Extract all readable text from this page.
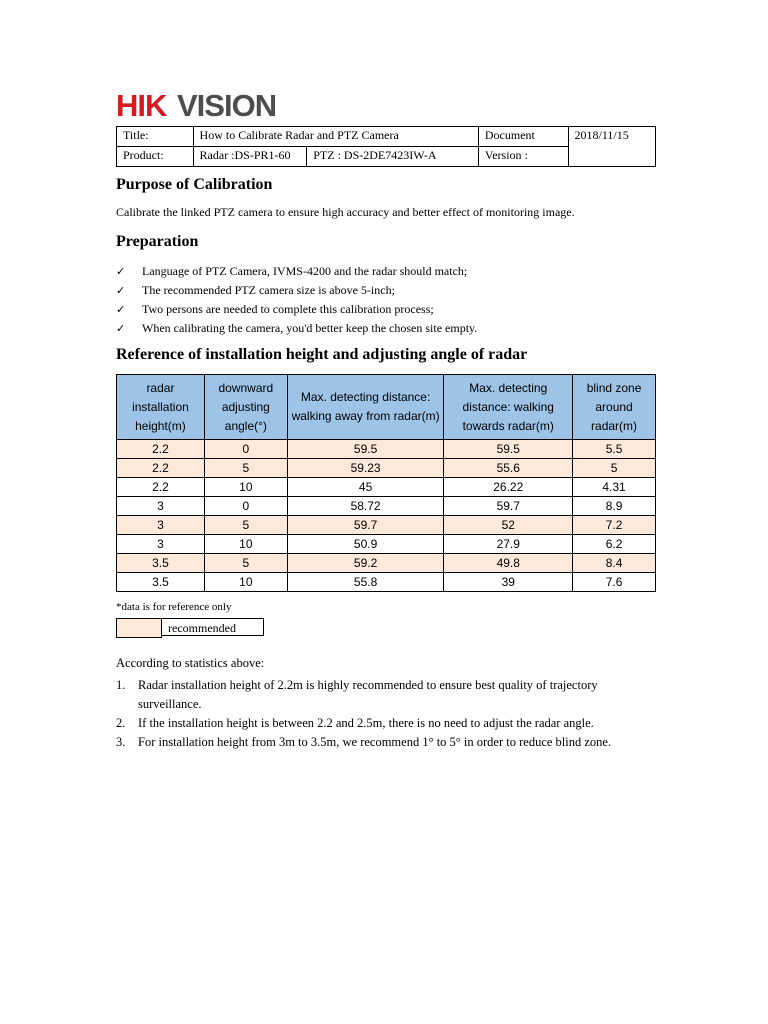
HIK VISION
Title:	How to Calibrate Radar and PTZ Camera		Document	2018/11/15
Product:	Radar :DS-PR1-60	PTZ : DS-2DE7423IW-A	Version :	
Purpose of Calibration

Calibrate the linked PTZ camera to ensure high accuracy and better effect of monitoring image.

Preparation
✓ Language of PTZ Camera, IVMS-4200 and the radar should match;
✓ The recommended PTZ camera size is above 5-inch;
✓ Two persons are needed to complete this calibration process;
✓ When calibrating the camera, you'd better keep the chosen site empty.
Reference of installation height and adjusting angle of radar
radar installation height(m)	downward adjusting angle(°)	Max. detecting distance: walking away from radar(m)	Max. detecting distance: walking towards radar(m)	blind zone around radar(m)
2.2	0	59.5	59.5	5.5
2.2	5	59.23	55.6	5
2.2	10	45	26.22	4.31
3	0	58.72	59.7	8.9
3	5	59.7	52	7.2
3	10	50.9	27.9	6.2
3.5	5	59.2	49.8	8.4
3.5	10	55.8	39	7.6
*data is for reference only
recommended
According to statistics above:
1. Radar installation height of 2.2m is highly recommended to ensure best quality of trajectory surveillance.
2. If the installation height is between 2.2 and 2.5m, there is no need to adjust the radar angle.
3. For installation height from 3m to 3.5m, we recommend 1° to 5° in order to reduce blind zone.
